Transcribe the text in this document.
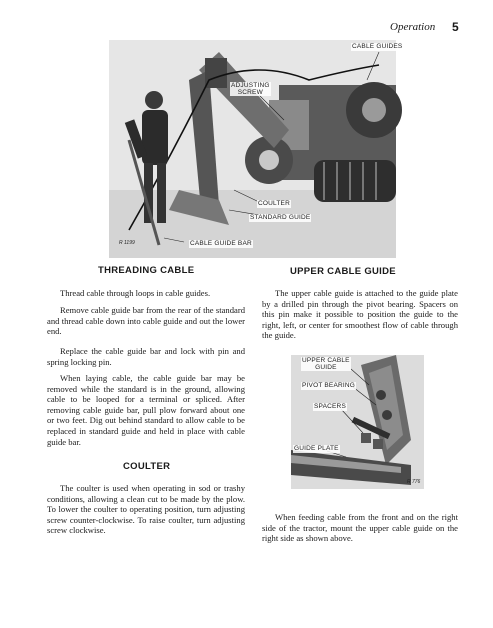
Operation 5
CABLE GUIDES
ADJUSTING
SCREW
COULTER
STANDARD GUIDE
CABLE GUIDE BAR
R 1199
THREADING CABLE

Thread cable through loops in cable guides.

Remove cable guide bar from the rear of the standard and thread cable down into cable guide and out the lower end.

Replace the cable guide bar and lock with pin and spring locking pin.

When laying cable, the cable guide bar may be removed while the standard is in the ground, allowing cable to be looped for a terminal or spliced. After removing cable guide bar, pull plow forward about one or two feet. Dig out behind standard to allow cable to be replaced in standard guide and held in place with cable guide bar.

COULTER

The coulter is used when operating in sod or trashy conditions, allowing a clean cut to be made by the plow. To lower the coulter to operating position, turn adjusting screw counter-clockwise. To raise coulter, turn adjusting screw clockwise.

UPPER CABLE GUIDE

The upper cable guide is attached to the guide plate by a drilled pin through the pivot bearing. Spacers on this pin make it possible to position the guide to the right, left, or center for smoothest flow of cable through the guide.

UPPER CABLE
GUIDE
PIVOT BEARING
SPACERS
GUIDE PLATE
R 776

When feeding cable from the front and on the right side of the tractor, mount the upper cable guide on the right side as shown above.
